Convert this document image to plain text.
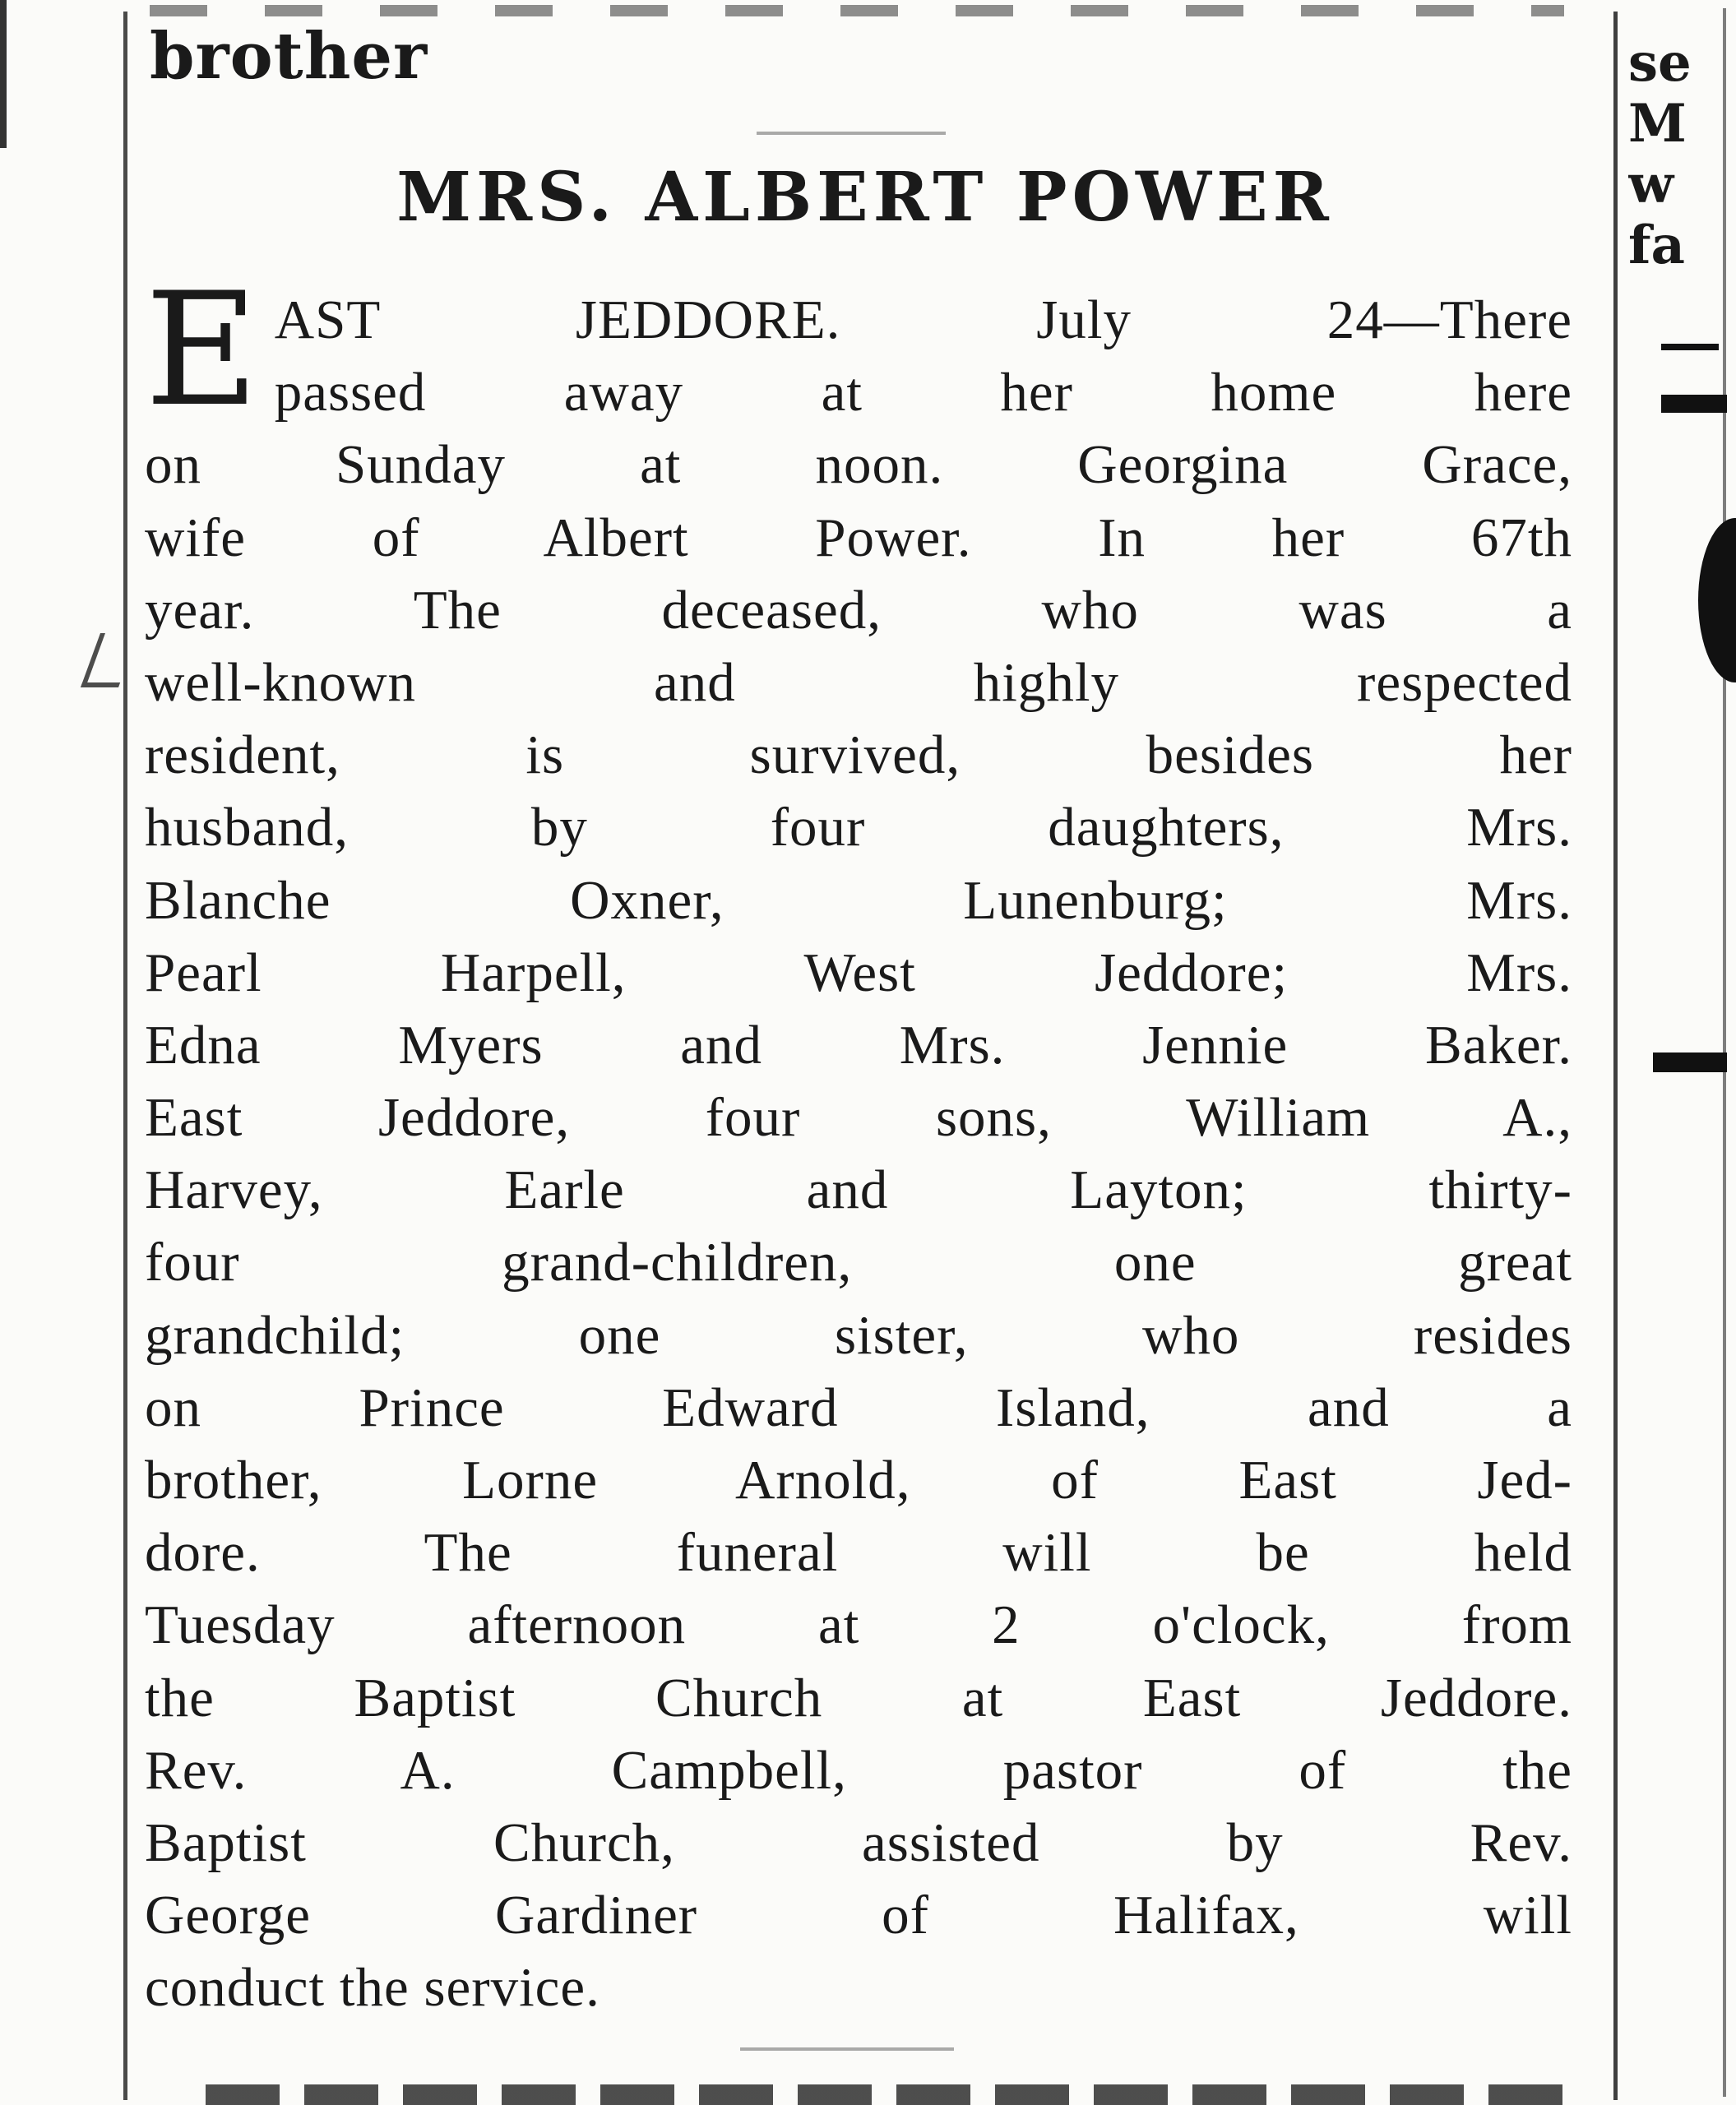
brother
MRS. ALBERT POWER
E AST JEDDORE. July 24—There
passed away at her home here
on Sunday at noon. Georgina Grace,
wife of Albert Power. In her 67th
year. The deceased, who was a
well-known and highly respected
resident, is survived, besides her
husband, by four daughters, Mrs.
Blanche Oxner, Lunenburg; Mrs.
Pearl Harpell, West Jeddore; Mrs.
Edna Myers and Mrs. Jennie Baker.
East Jeddore, four sons, William A.,
Harvey, Earle and Layton; thirty-
four grand-children, one great
grandchild; one sister, who resides
on Prince Edward Island, and a
brother, Lorne Arnold, of East Jed-
dore. The funeral will be held
Tuesday afternoon at 2 o'clock, from
the Baptist Church at East Jeddore.
Rev. A. Campbell, pastor of the
Baptist Church, assisted by Rev.
George Gardiner of Halifax, will
conduct the service.
se
M
w
fa
